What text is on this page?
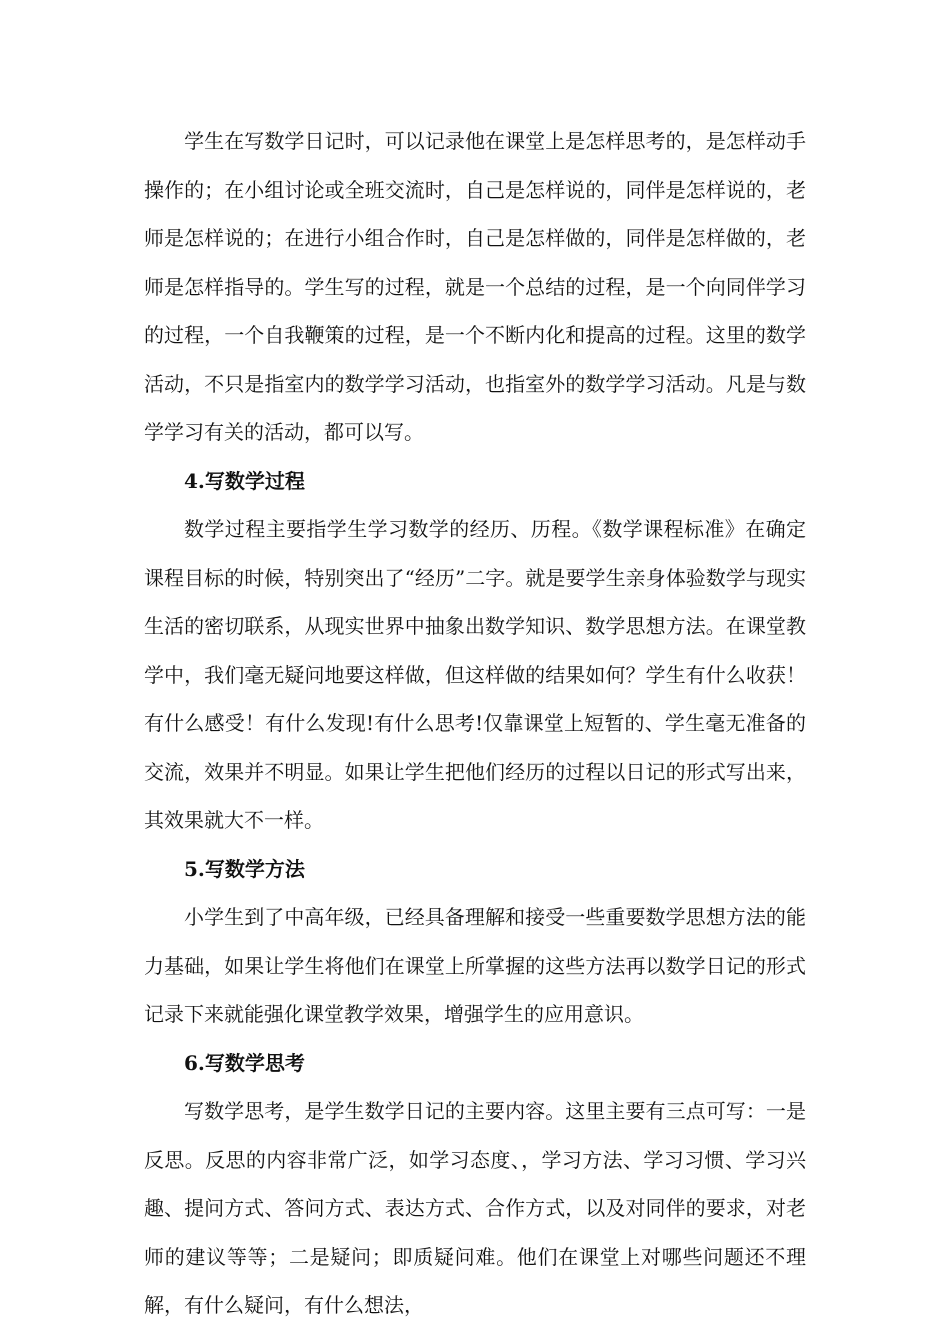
　　学生在写数学日记时，可以记录他在课堂上是怎样思考的，是怎样动手操作的；在小组讨论或全班交流时，自己是怎样说的，同伴是怎样说的，老师是怎样说的；在进行小组合作时，自己是怎样做的，同伴是怎样做的，老师是怎样指导的。学生写的过程，就是一个总结的过程，是一个向同伴学习的过程，一个自我鞭策的过程，是一个不断内化和提高的过程。这里的数学活动，不只是指室内的数学学习活动，也指室外的数学学习活动。凡是与数学学习有关的活动，都可以写。

4.写数学过程

数学过程主要指学生学习数学的经历、历程。《数学课程标准》在确定课程目标的时候，特别突出了“经历”二字。就是要学生亲身体验数学与现实生活的密切联系，从现实世界中抽象出数学知识、数学思想方法。在课堂教学中，我们毫无疑问地要这样做，但这样做的结果如何？学生有什么收获！有什么感受！有什么发现!有什么思考!仅靠课堂上短暂的、学生毫无准备的交流，效果并不明显。如果让学生把他们经历的过程以日记的形式写出来，其效果就大不一样。

5.写数学方法

小学生到了中高年级，已经具备理解和接受一些重要数学思想方法的能力基础，如果让学生将他们在课堂上所掌握的这些方法再以数学日记的形式记录下来就能强化课堂教学效果，增强学生的应用意识。

6.写数学思考

写数学思考，是学生数学日记的主要内容。这里主要有三点可写：一是反思。反思的内容非常广泛，如学习态度、，学习方法、学习习惯、学习兴趣、提问方式、答问方式、表达方式、合作方式，以及对同伴的要求，对老师的建议等等；二是疑问；即质疑问难。他们在课堂上对哪些问题还不理解，有什么疑问，有什么想法，
